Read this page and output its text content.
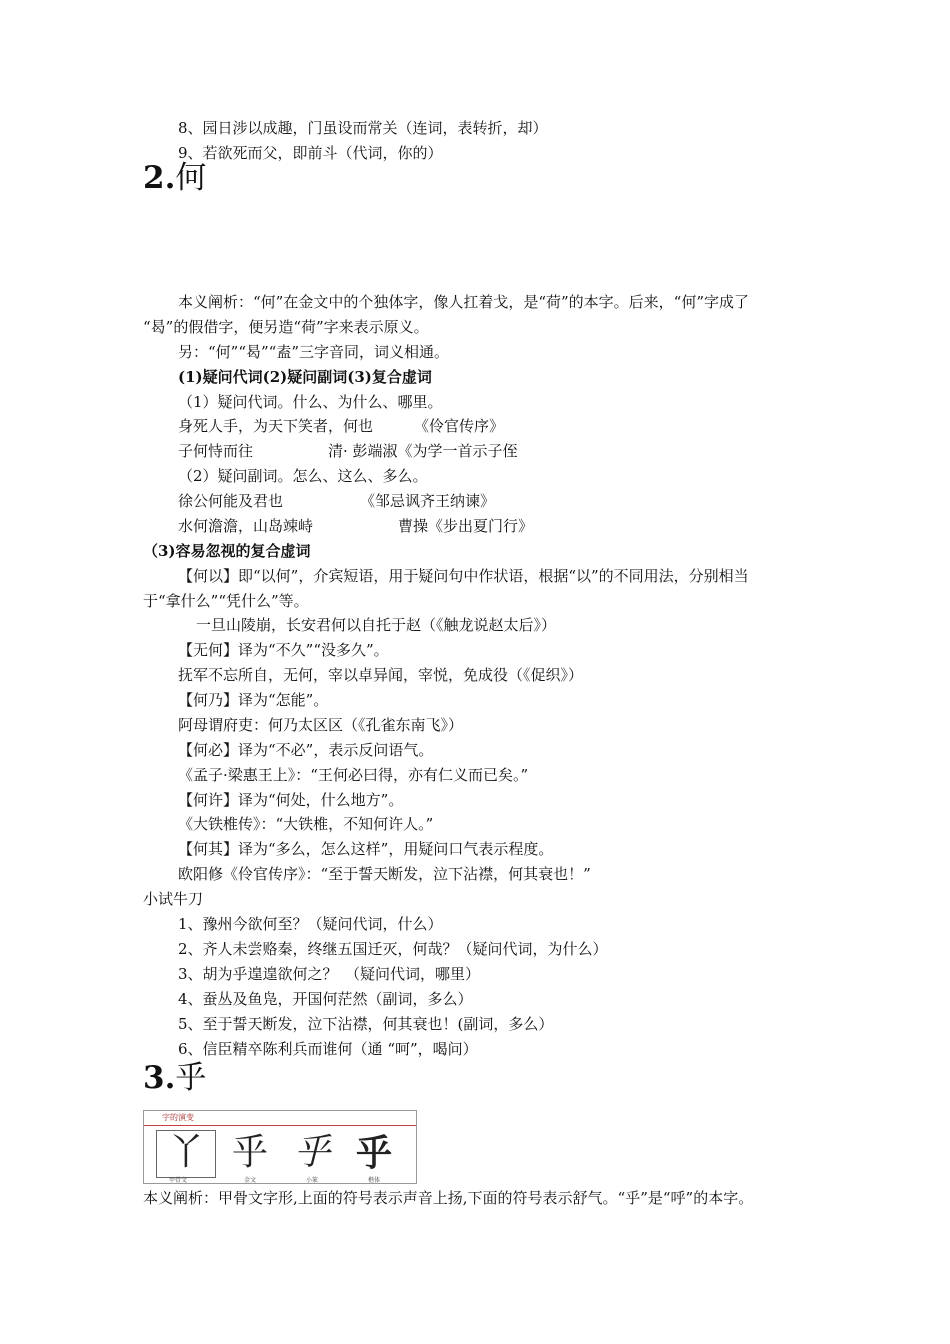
8、园日涉以成趣，门虽设而常关（连词，表转折，却）
9、若欲死而父，即前斗（代词，你的）
2.何
本义阐析：“何”在金文中的个独体字，像人扛着戈，是“荷”的本字。后来，“何”字成了
“曷”的假借字，便另造“荷”字来表示原义。
另：“何”“曷”“盍”三字音同，词义相通。
(1)疑问代词(2)疑问副词(3)复合虚词
（1）疑问代词。什么、为什么、哪里。
身死人手，为天下笑者，何也	《伶官传序》
子何恃而往	清· 彭端淑《为学一首示子侄
（2）疑问副词。怎么、这么、多么。
徐公何能及君也	《邹忌讽齐王纳谏》
水何澹澹，山岛竦峙	曹操《步出夏门行》
（3)容易忽视的复合虚词
【何以】即“以何”，介宾短语，用于疑问句中作状语，根据“以”的不同用法，分别相当
于“拿什么”“凭什么”等。
一旦山陵崩，长安君何以自托于赵（《触龙说赵太后》）
【无何】译为“不久”“没多久”。
抚军不忘所自，无何，宰以卓异闻，宰悦，免成役（《促织》）
【何乃】译为“怎能”。
阿母谓府吏：何乃太区区（《孔雀东南飞》）
【何必】译为“不必”，表示反问语气。
《孟子·梁惠王上》：“王何必曰得，亦有仁义而已矣。”
【何许】译为“何处，什么地方”。
《大铁椎传》：“大铁椎，不知何许人。”
【何其】译为“多么，怎么这样”，用疑问口气表示程度。
欧阳修《伶官传序》：“至于誓天断发，泣下沾襟，何其衰也！”
小试牛刀
1、豫州今欲何至？（疑问代词，什么）
2、齐人未尝赂秦，终继五国迁灭，何哉？（疑问代词，为什么）
3、胡为乎遑遑欲何之？　（疑问代词，哪里）
4、蚕丛及鱼凫，开国何茫然（副词，多么）
5、至于誓天断发，泣下沾襟，何其衰也！(副词，多么）
6、信臣精卒陈利兵而谁何（通 “呵”，喝问）
3.乎
字的演变
丫 乎 乎 乎
甲骨文	金文	小篆	楷体
本义阐析：甲骨文字形,上面的符号表示声音上扬,下面的符号表示舒气。“乎”是“呼”的本字。
